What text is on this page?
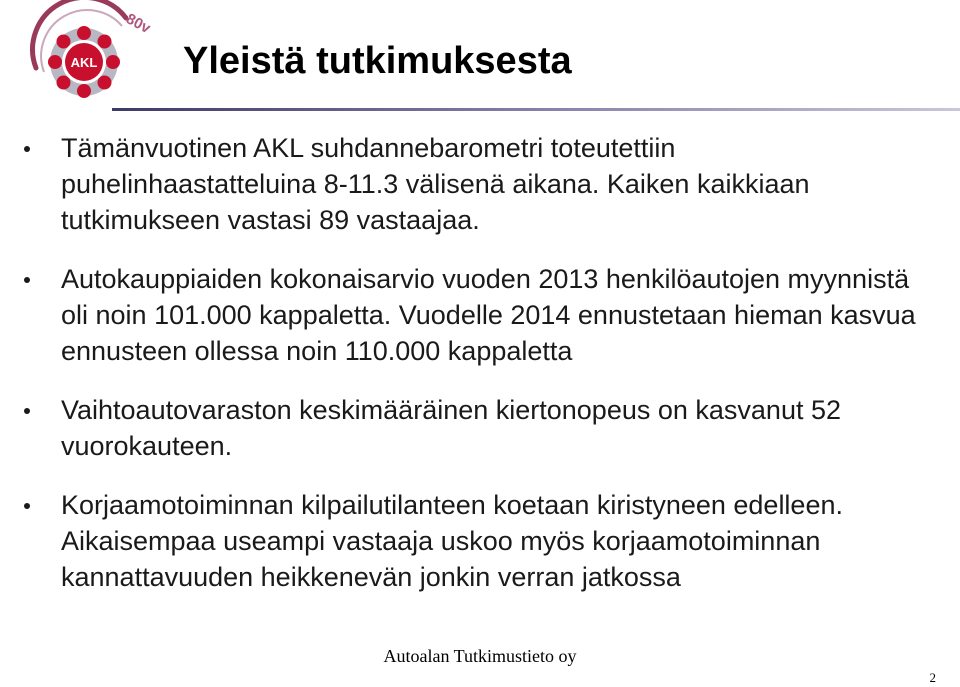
AKL
80v
Yleistä tutkimuksesta
Tämänvuotinen AKL suhdannebarometri toteutettiin puhelinhaastatteluina 8-11.3 välisenä aikana. Kaiken kaikkiaan tutkimukseen vastasi 89 vastaajaa.
Autokauppiaiden kokonaisarvio vuoden 2013 henkilöautojen myynnistä oli noin 101.000 kappaletta. Vuodelle 2014 ennustetaan hieman kasvua ennusteen ollessa noin 110.000 kappaletta
Vaihtoautovaraston keskimääräinen kiertonopeus on kasvanut 52 vuorokauteen.
Korjaamotoiminnan kilpailutilanteen koetaan kiristyneen edelleen. Aikaisempaa useampi vastaaja uskoo myös korjaamotoiminnan kannattavuuden heikkenevän jonkin verran jatkossa
Autoalan Tutkimustieto oy
2
